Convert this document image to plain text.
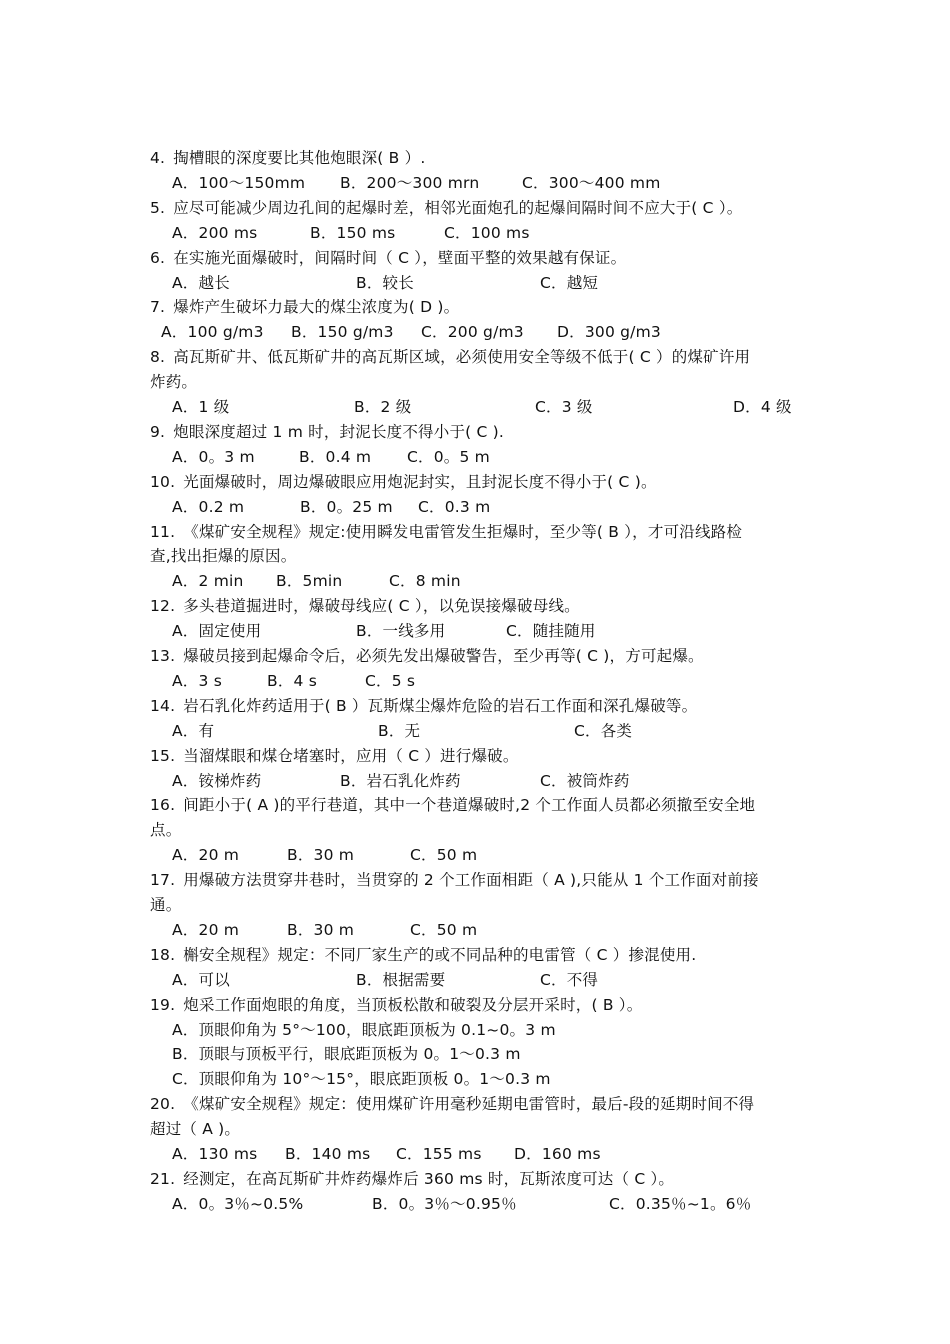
4. 掏槽眼的深度要比其他炮眼深( B ）.
A．100～150mm B．200～300 mrn	C．300～400 mm
5. 应尽可能减少周边孔间的起爆时差，相邻光面炮孔的起爆间隔时间不应大于( C ）。
A．200 ms	B．150 ms	C．100 ms
6. 在实施光面爆破时，间隔时间（ C ），壁面平整的效果越有保证。
A．越长	B．较长	C．越短
7. 爆炸产生破坏力最大的煤尘浓度为( D )。
A．100 g/m3 B．150 g/m3 C．200 g/m3 D．300 g/m3
8. 高瓦斯矿井、低瓦斯矿井的高瓦斯区域，必须使用安全等级不低于( C ）的煤矿许用
炸药。
A．1 级	B．2 级	C．3 级	D．4 级
9. 炮眼深度超过 1 m 时，封泥长度不得小于( C ).
A．0。3 m	B．0.4 m C．0。5 m
10. 光面爆破时，周边爆破眼应用炮泥封实，且封泥长度不得小于( C )。
A．0.2 m	B．0。25 m C．0.3 m
11. 《煤矿安全规程》规定:使用瞬发电雷管发生拒爆时，至少等( B ），才可沿线路检
查,找出拒爆的原因。
A．2 min B．5min	C．8 min
12. 多头巷道掘进时，爆破母线应( C ），以免误接爆破母线。
A．固定使用	B．一线多用	C．随挂随用
13. 爆破员接到起爆命令后，必须先发出爆破警告，至少再等( C )，方可起爆。
A．3 s	B．4 s	C．5 s
14. 岩石乳化炸药适用于( B ）瓦斯煤尘爆炸危险的岩石工作面和深孔爆破等。
A．有	B．无	C．各类
15. 当溜煤眼和煤仓堵塞时，应用（ C ）进行爆破。
A．铵梯炸药	B．岩石乳化炸药	C．被筒炸药
16. 间距小于( A )的平行巷道，其中一个巷道爆破时,2 个工作面人员都必须撤至安全地
点。
A．20 m	B．30 m	C．50 m
17. 用爆破方法贯穿井巷时，当贯穿的 2 个工作面相距（ A ),只能从 1 个工作面对前接
通。
A．20 m	B．30 m	C．50 m
18. 槲安全规程》规定：不同厂家生产的或不同品种的电雷管（ C ）掺混使用.
A．可以	B．根据需要	C．不得
19. 炮采工作面炮眼的角度，当顶板松散和破裂及分层开采时，( B ）。
A．顶眼仰角为 5°～100，眼底距顶板为 0.1~0。3 m
B．顶眼与顶板平行，眼底距顶板为 0。1～0.3 m
C．顶眼仰角为 10°～15°，眼底距顶板 0。1～0.3 m
20. 《煤矿安全规程》规定：使用煤矿许用毫秒延期电雷管时，最后-段的延期时间不得
超过（ A )。
A．130 ms B．140 ms C．155 ms D．160 ms
21. 经测定，在高瓦斯矿井炸药爆炸后 360 ms 时，瓦斯浓度可达（ C ）。
A．0。3％~0.5%	B．0。3％～0.95％	C．0.35％~1。6％
